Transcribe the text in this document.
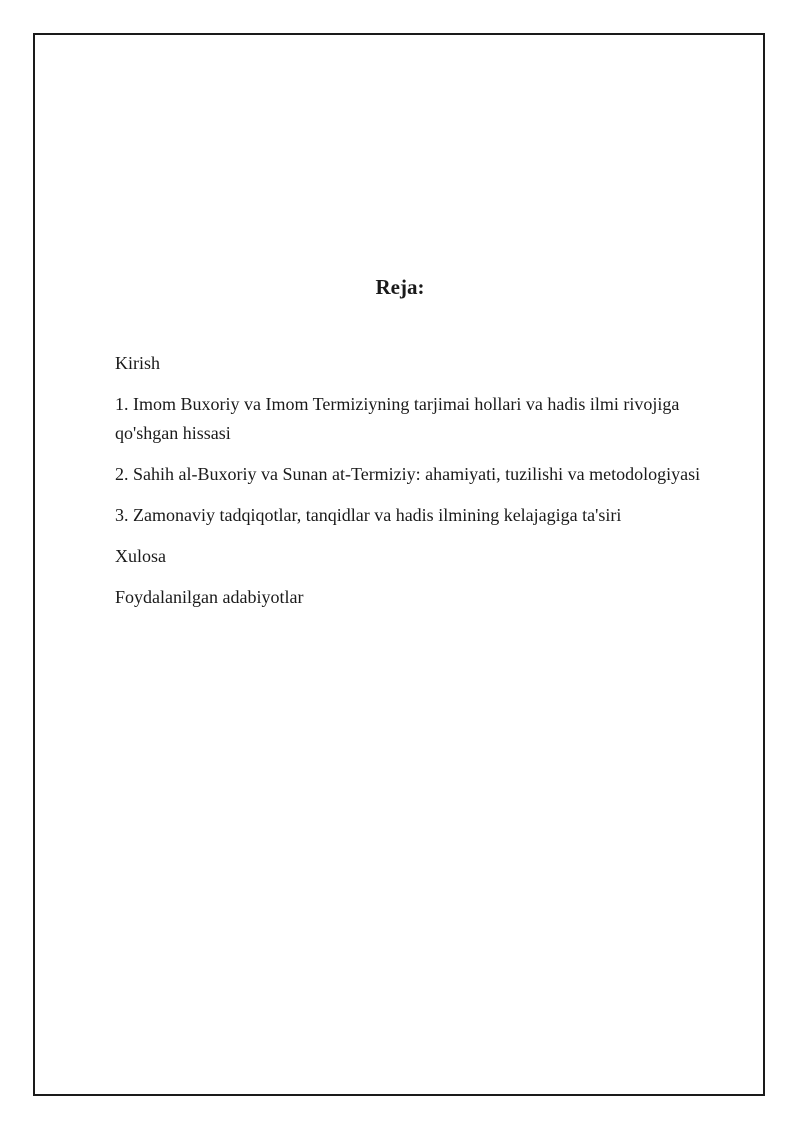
Reja:
Kirish
1. Imom Buxoriy va Imom Termiziyning tarjimai hollari va hadis ilmi rivojiga qo'shgan hissasi
2. Sahih al-Buxoriy va Sunan at-Termiziy: ahamiyati, tuzilishi va metodologiyasi
3. Zamonaviy tadqiqotlar, tanqidlar va hadis ilmining kelajagiga ta'siri
Xulosa
Foydalanilgan adabiyotlar
